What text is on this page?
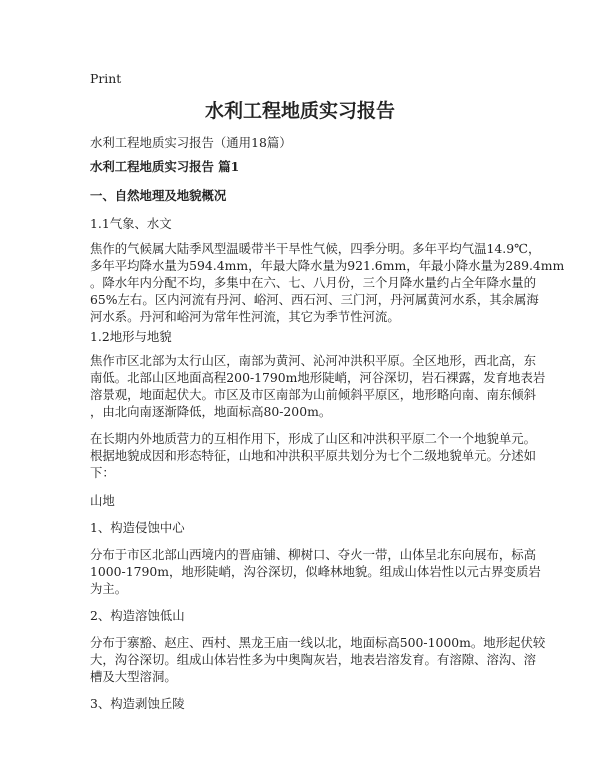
Print
水利工程地质实习报告
水利工程地质实习报告（通用18篇）
水利工程地质实习报告 篇1
一、自然地理及地貌概况
1.1气象、水文
焦作的气候属大陆季风型温暖带半干旱性气候，四季分明。多年平均气温14.9℃，
多年平均降水量为594.4mm，年最大降水量为921.6mm，年最小降水量为289.4mm
。降水年内分配不均，多集中在六、七、八月份，三个月降水量约占全年降水量的
65%左右。区内河流有丹河、峪河、西石河、三门河，丹河属黄河水系，其余属海
河水系。丹河和峪河为常年性河流，其它为季节性河流。
1.2地形与地貌
焦作市区北部为太行山区，南部为黄河、沁河冲洪积平原。全区地形，西北高，东
南低。北部山区地面高程200-1790m地形陡峭，河谷深切，岩石裸露，发育地表岩
溶景观，地面起伏大。市区及市区南部为山前倾斜平原区，地形略向南、南东倾斜
，由北向南逐渐降低，地面标高80-200m。
在长期内外地质营力的互相作用下，形成了山区和冲洪积平原二个一个地貌单元。
根据地貌成因和形态特征，山地和冲洪积平原共划分为七个二级地貌单元。分述如
下：
山地
1、构造侵蚀中心
分布于市区北部山西境内的晋庙铺、柳树口、夺火一带，山体呈北东向展布，标高
1000-1790m，地形陡峭，沟谷深切，似峰林地貌。组成山体岩性以元古界变质岩
为主。
2、构造溶蚀低山
分布于寨豁、赵庄、西村、黑龙王庙一线以北，地面标高500-1000m。地形起伏较
大，沟谷深切。组成山体岩性多为中奥陶灰岩，地表岩溶发育。有溶隙、溶沟、溶
槽及大型溶洞。
3、构造剥蚀丘陵
